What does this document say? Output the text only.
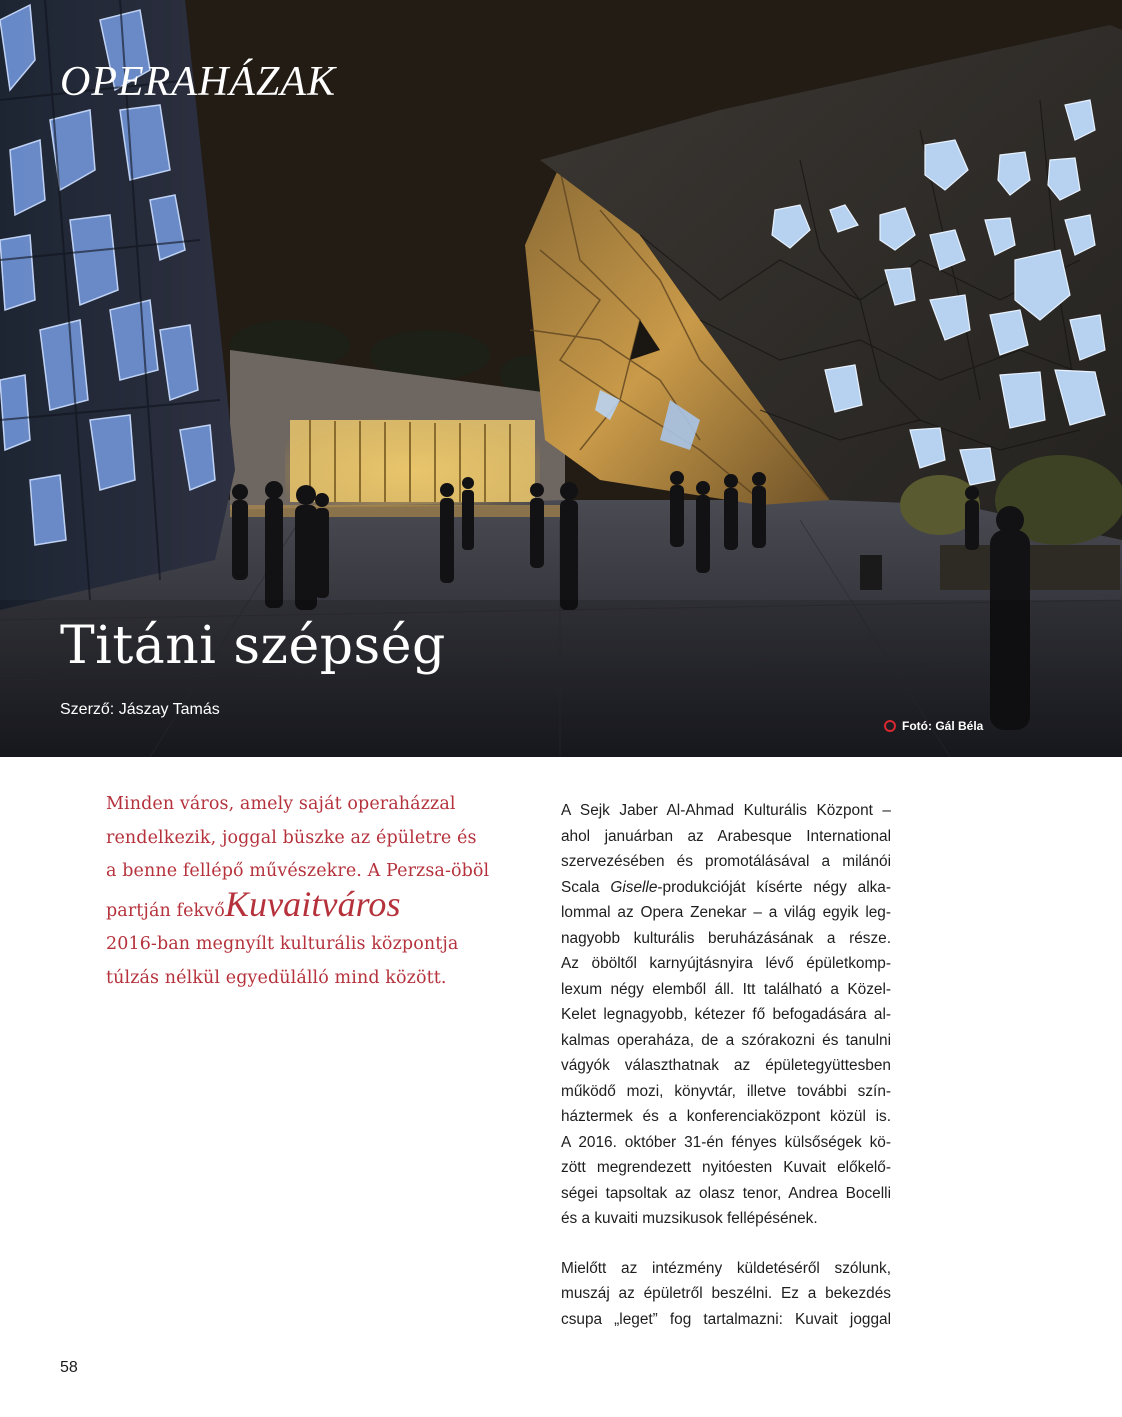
OPERAHÁZAK
Titáni szépség
Szerző: Jászay Tamás
Fotó: Gál Béla
Minden város, amely saját operaházzal
rendelkezik, joggal büszke az épületre és
a benne fellépő művészekre. A Perzsa-öböl
partján fekvőKuvaitváros
2016-ban megnyílt kulturális központja
túlzás nélkül egyedülálló mind között.

A Sejk Jaber Al-Ahmad Kulturális Központ –
ahol januárban az Arabesque International
szervezésében és promotálásával a milánói
Scala Giselle-produkcióját kísérte négy alka-
lommal az Opera Zenekar – a világ egyik leg-
nagyobb kulturális beruházásának a része.
Az öböltől karnyújtásnyira lévő épületkomp-
lexum négy elemből áll. Itt található a Közel-
Kelet legnagyobb, kétezer fő befogadására al-
kalmas operaháza, de a szórakozni és tanulni
vágyók választhatnak az épületegyüttesben
működő mozi, könyvtár, illetve további szín-
háztermek és a konferenciaközpont közül is.
A 2016. október 31-én fényes külsőségek kö-
zött megrendezett nyitóesten Kuvait előkelő-
ségei tapsoltak az olasz tenor, Andrea Bocelli
és a kuvaiti muzsikusok fellépésének.

Mielőtt az intézmény küldetéséről szólunk,
muszáj az épületről beszélni. Ez a bekezdés
csupa „leget” fog tartalmazni: Kuvait joggal

58
